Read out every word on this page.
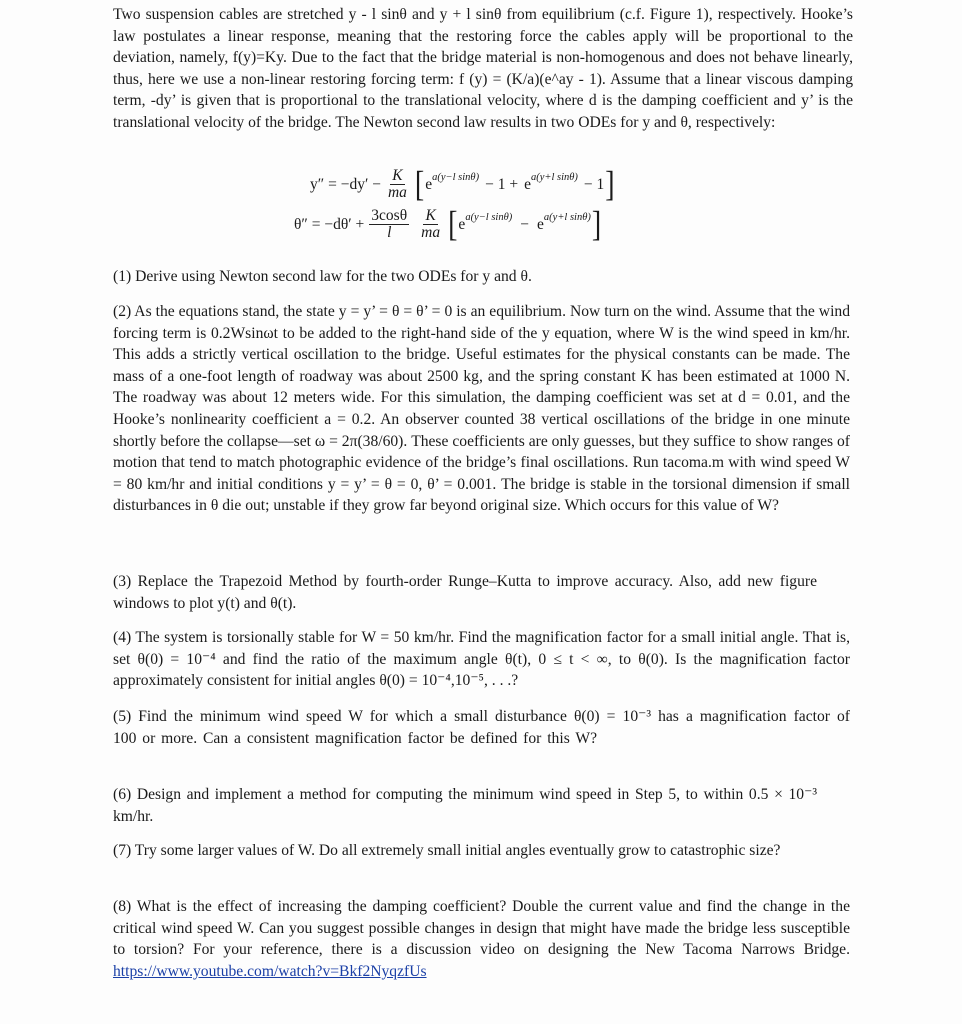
Two suspension cables are stretched y - l sinθ and y + l sinθ from equilibrium (c.f. Figure 1), respectively. Hooke’s law postulates a linear response, meaning that the restoring force the cables apply will be proportional to the deviation, namely, f(y)=Ky. Due to the fact that the bridge material is non-homogenous and does not behave linearly, thus, here we use a non-linear restoring forcing term: f (y) = (K/a)(e^ay - 1). Assume that a linear viscous damping term, -dy’ is given that is proportional to the translational velocity, where d is the damping coefficient and y’ is the translational velocity of the bridge. The Newton second law results in two ODEs for y and θ, respectively:

$y'' = -dy' - \frac{K}{ma}$ [ $e^{a(y-l sin\theta)} - 1 + e^{a(y+l sin\theta)} - 1$ ]
$\theta'' = -d\theta' + \frac{3\cos\theta}{l} \frac{K}{ma}$ [ $e^{a(y-l sin\theta)} - e^{a(y+l sin\theta)}$ ]

(1) Derive using Newton second law for the two ODEs for y and θ.

(2) As the equations stand, the state y = y’ = θ = θ’ = 0 is an equilibrium. Now turn on the wind. Assume that the wind forcing term is 0.2Wsinωt to be added to the right-hand side of the y equation, where W is the wind speed in km/hr. This adds a strictly vertical oscillation to the bridge. Useful estimates for the physical constants can be made. The mass of a one-foot length of roadway was about 2500 kg, and the spring constant K has been estimated at 1000 N. The roadway was about 12 meters wide. For this simulation, the damping coefficient was set at d = 0.01, and the Hooke’s nonlinearity coefficient a = 0.2. An observer counted 38 vertical oscillations of the bridge in one minute shortly before the collapse—set ω = 2π(38/60). These coefficients are only guesses, but they suffice to show ranges of motion that tend to match photographic evidence of the bridge’s final oscillations. Run tacoma.m with wind speed W = 80 km/hr and initial conditions y = y’ = θ = 0, θ’ = 0.001. The bridge is stable in the torsional dimension if small disturbances in θ die out; unstable if they grow far beyond original size. Which occurs for this value of W?

(3) Replace the Trapezoid Method by fourth-order Runge–Kutta to improve accuracy. Also, add new figure windows to plot y(t) and θ(t).

(4) The system is torsionally stable for W = 50 km/hr. Find the magnification factor for a small initial angle. That is, set θ(0) = 10⁻⁴ and find the ratio of the maximum angle θ(t), 0 ≤ t < ∞, to θ(0). Is the magnification factor approximately consistent for initial angles θ(0) = 10⁻⁴,10⁻⁵, . . .?

(5) Find the minimum wind speed W for which a small disturbance θ(0) = 10⁻³ has a magnification factor of 100 or more. Can a consistent magnification factor be defined for this W?

(6) Design and implement a method for computing the minimum wind speed in Step 5, to within 0.5 × 10⁻³ km/hr.

(7) Try some larger values of W. Do all extremely small initial angles eventually grow to catastrophic size?

(8) What is the effect of increasing the damping coefficient? Double the current value and find the change in the critical wind speed W. Can you suggest possible changes in design that might have made the bridge less susceptible to torsion? For your reference, there is a discussion video on designing the New Tacoma Narrows Bridge. https://www.youtube.com/watch?v=Bkf2NyqzfUs
